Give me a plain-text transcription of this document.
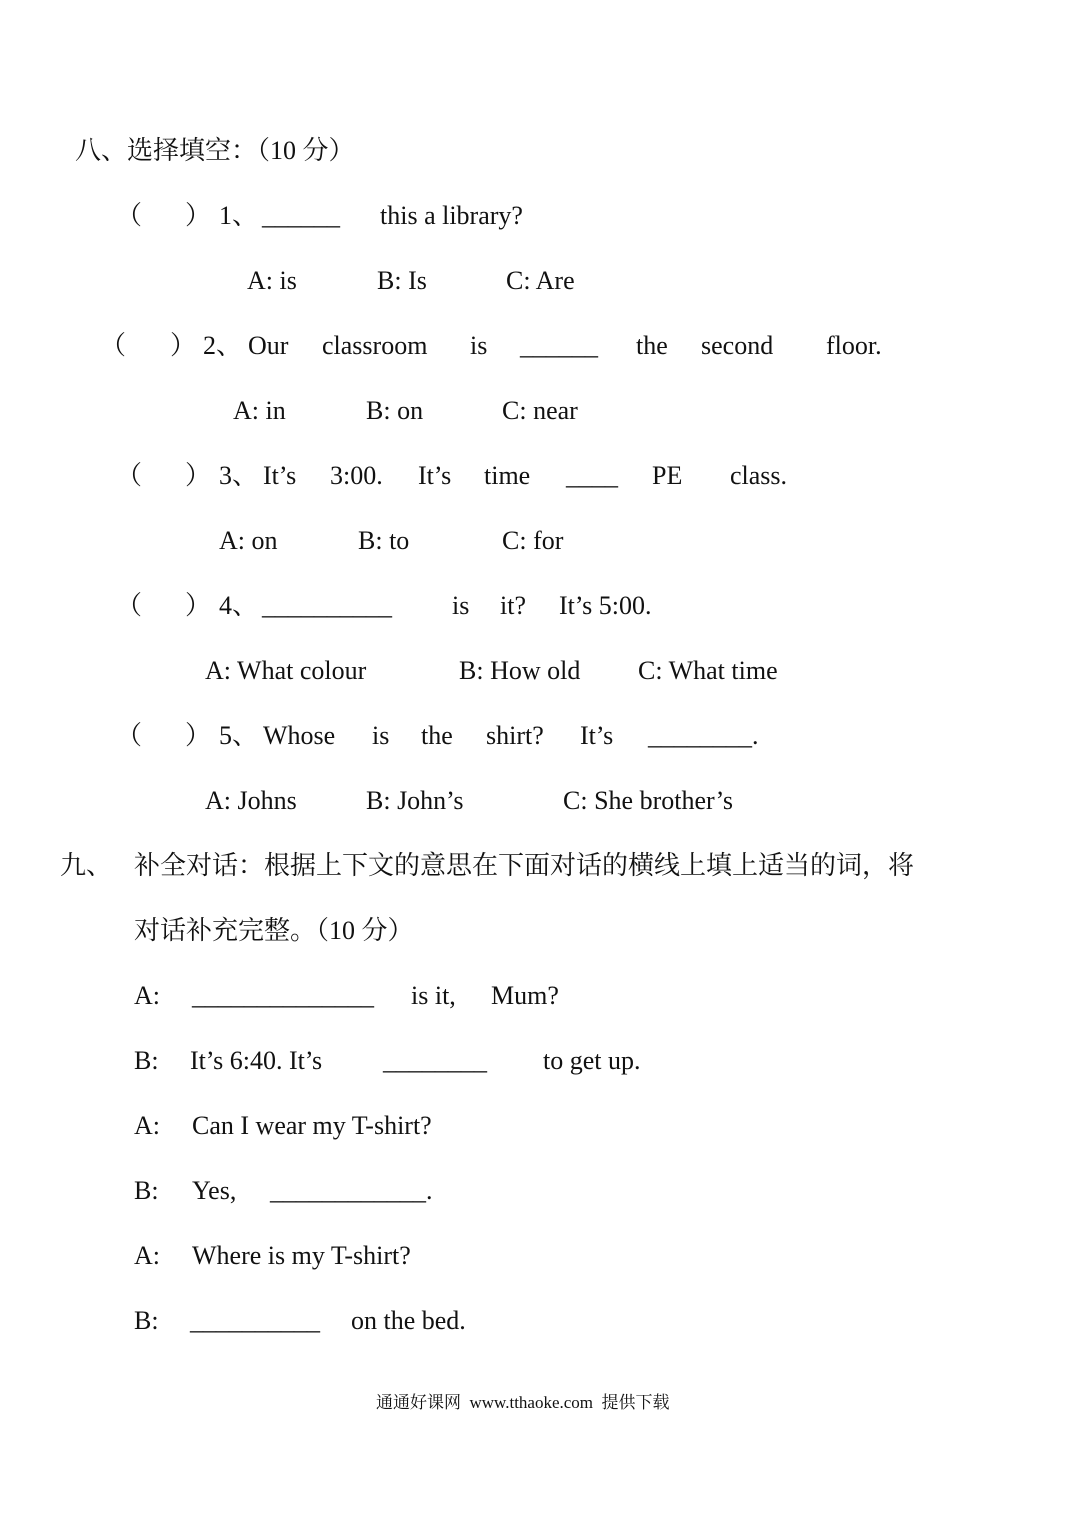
八、选择填空：（10 分）
（ ） 1、 ______ this a library?
A: is	B: Is	C: Are
（ ） 2、 Our classroom is ______ the second floor.
A: in	B: on	C: near
（ ） 3、 It’s 3:00. It’s time ____ PE class.
A: on	B: to	C: for
（ ） 4、 __________ is it? It’s 5:00.
A: What colour	B: How old C: What time
（ ） 5、 Whose is the shirt? It’s ________.
A: Johns	B: John’s	C: She brother’s
九、 补全对话：根据上下文的意思在下面对话的横线上填上适当的词，将
对话补充完整。（10 分）
A: ______________ is it, Mum?
B: It’s 6:40. It’s ________ to get up.
A: Can I wear my T-shirt?
B: Yes, ____________.
A: Where is my T-shirt?
B: __________ on the bed.
通通好课网  www.tthaoke.com  提供下载
